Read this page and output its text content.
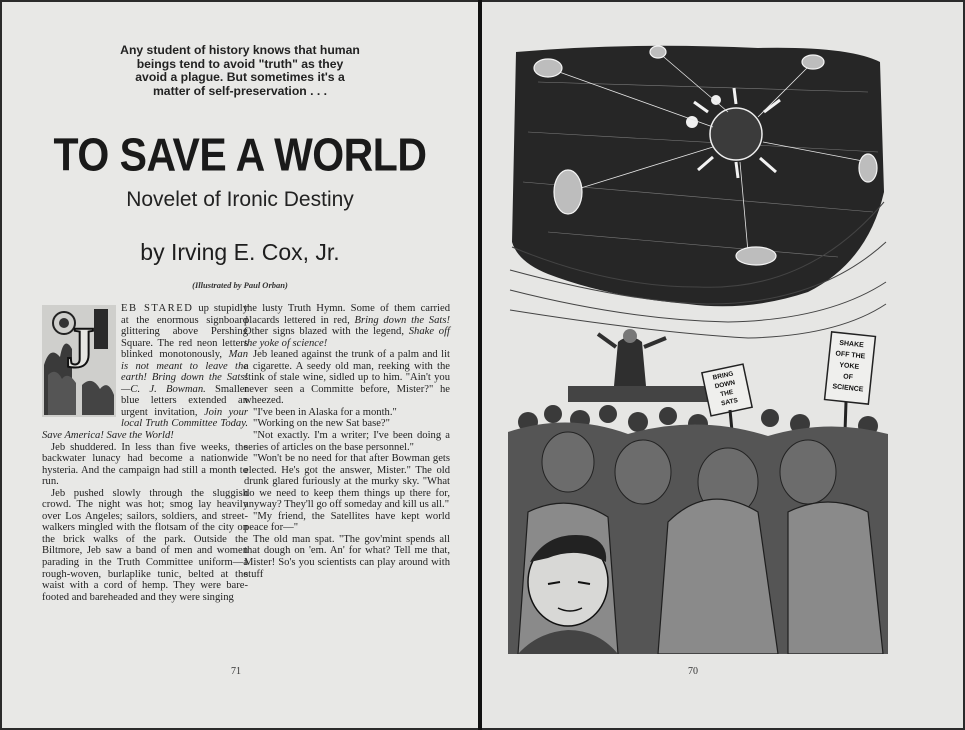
Any student of history knows that human beings tend to avoid "truth" as they avoid a plague. But sometimes it's a matter of self-preservation . . .
TO SAVE A WORLD
Novelet of Ironic Destiny
by Irving E. Cox, Jr.
(Illustrated by Paul Orban)
J

EB STARED up stupidly at the enormous signboard glittering above Pershing Square. The red neon letters blinked monotonously, Man is not meant to leave the earth! Bring down the Sats! —C. J. Bowman. Smaller blue letters extended an urgent invitation, Join your local Truth Committee Today. Save America! Save the World!

Jeb shuddered. In less than five weeks, the backwater lunacy had become a nationwide hysteria. And the campaign had still a month to run.

Jeb pushed slowly through the sluggish crowd. The night was hot; smog lay heavily over Los Angeles; sailors, soldiers, and street-walkers mingled with the flotsam of the city on the brick walks of the park. Outside the Biltmore, Jeb saw a band of men and women parading in the Truth Committee uniform—a rough-woven, burlaplike tunic, belted at the waist with a cord of hemp. They were bare-footed and bareheaded and they were singing

the lusty Truth Hymn. Some of them carried placards lettered in red, Bring down the Sats! Other signs blazed with the legend, Shake off the yoke of science!

Jeb leaned against the trunk of a palm and lit a cigarette. A seedy old man, reeking with the stink of stale wine, sidled up to him. "Ain't you never seen a Committe before, Mister?" he wheezed.

"I've been in Alaska for a month."

"Working on the new Sat base?"

"Not exactly. I'm a writer; I've been doing a series of articles on the base personnel."

"Won't be no need for that after Bowman gets elected. He's got the answer, Mister." The old drunk glared furiously at the murky sky. "What do we need to keep them things up there for, anyway? They'll go off someday and kill us all."

"My friend, the Satellites have kept world peace for—"

The old man spat. "The gov'mint spends all that dough on 'em. An' for what? Tell me that, Mister! So's you scientists can play around with stuff

71
BRING DOWN THE SATS
SHAKE OFF THE YOKE OF SCIENCE
70
